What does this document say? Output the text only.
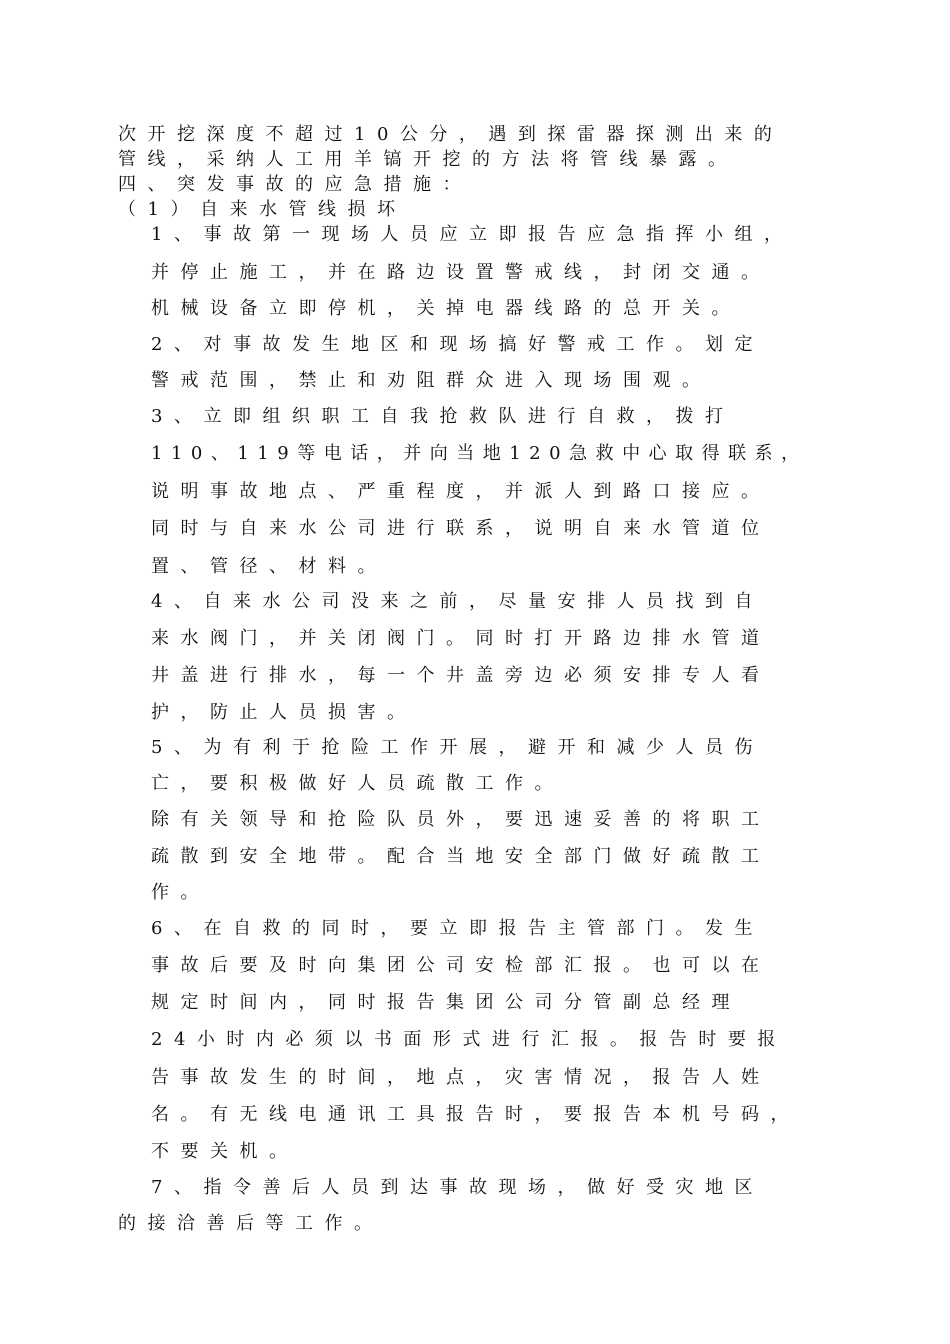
次开挖深度不超过10公分，遇到探雷器探测出来的
管线，采纳人工用羊镐开挖的方法将管线暴露。
四、突发事故的应急措施：
（1）自来水管线损坏
1、事故第一现场人员应立即报告应急指挥小组，
并停止施工，并在路边设置警戒线，封闭交通。
机械设备立即停机，关掉电器线路的总开关。
2、对事故发生地区和现场搞好警戒工作。划定
警戒范围，禁止和劝阻群众进入现场围观。
3、立即组织职工自我抢救队进行自救，拨打
110、119等电话，并向当地120急救中心取得联系，
说明事故地点、严重程度，并派人到路口接应。
同时与自来水公司进行联系，说明自来水管道位
置、管径、材料。
4、自来水公司没来之前，尽量安排人员找到自
来水阀门，并关闭阀门。同时打开路边排水管道
井盖进行排水，每一个井盖旁边必须安排专人看
护，防止人员损害。
5、为有利于抢险工作开展，避开和减少人员伤
亡，要积极做好人员疏散工作。
除有关领导和抢险队员外，要迅速妥善的将职工
疏散到安全地带。配合当地安全部门做好疏散工
作。
6、在自救的同时，要立即报告主管部门。发生
事故后要及时向集团公司安检部汇报。也可以在
规定时间内，同时报告集团公司分管副总经理
24小时内必须以书面形式进行汇报。报告时要报
告事故发生的时间，地点，灾害情况，报告人姓
名。有无线电通讯工具报告时，要报告本机号码，
不要关机。
7、指令善后人员到达事故现场，做好受灾地区
的接洽善后等工作。
